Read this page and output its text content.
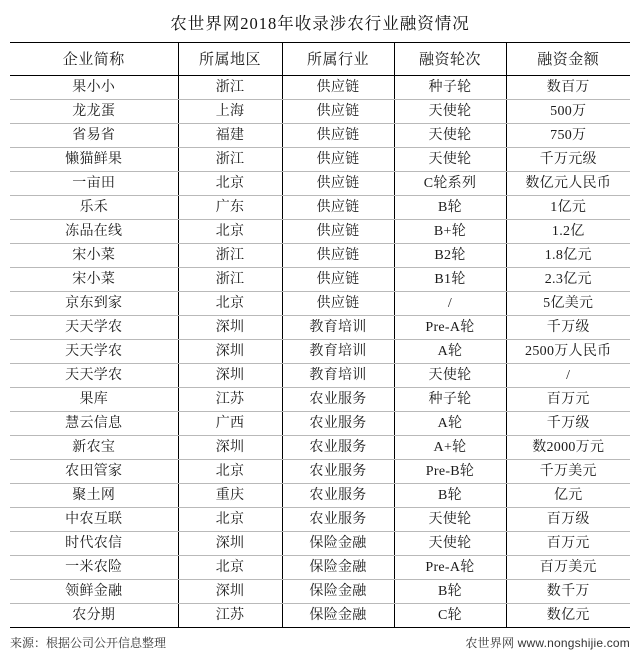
农世界网2018年收录涉农行业融资情况
企业简称	所属地区	所属行业	融资轮次	融资金额
果小小	浙江	供应链	种子轮	数百万
龙龙蛋	上海	供应链	天使轮	500万
省易省	福建	供应链	天使轮	750万
懒猫鲜果	浙江	供应链	天使轮	千万元级
一亩田	北京	供应链	C轮系列	数亿元人民币
乐禾	广东	供应链	B轮	1亿元
冻品在线	北京	供应链	B+轮	1.2亿
宋小菜	浙江	供应链	B2轮	1.8亿元
宋小菜	浙江	供应链	B1轮	2.3亿元
京东到家	北京	供应链	/	5亿美元
天天学农	深圳	教育培训	Pre-A轮	千万级
天天学农	深圳	教育培训	A轮	2500万人民币
天天学农	深圳	教育培训	天使轮	/
果库	江苏	农业服务	种子轮	百万元
慧云信息	广西	农业服务	A轮	千万级
新农宝	深圳	农业服务	A+轮	数2000万元
农田管家	北京	农业服务	Pre-B轮	千万美元
聚土网	重庆	农业服务	B轮	亿元
中农互联	北京	农业服务	天使轮	百万级
时代农信	深圳	保险金融	天使轮	百万元
一米农险	北京	保险金融	Pre-A轮	百万美元
领鲜金融	深圳	保险金融	B轮	数千万
农分期	江苏	保险金融	C轮	数亿元
来源：根据公司公开信息整理	农世界网 www.nongshijie.com
